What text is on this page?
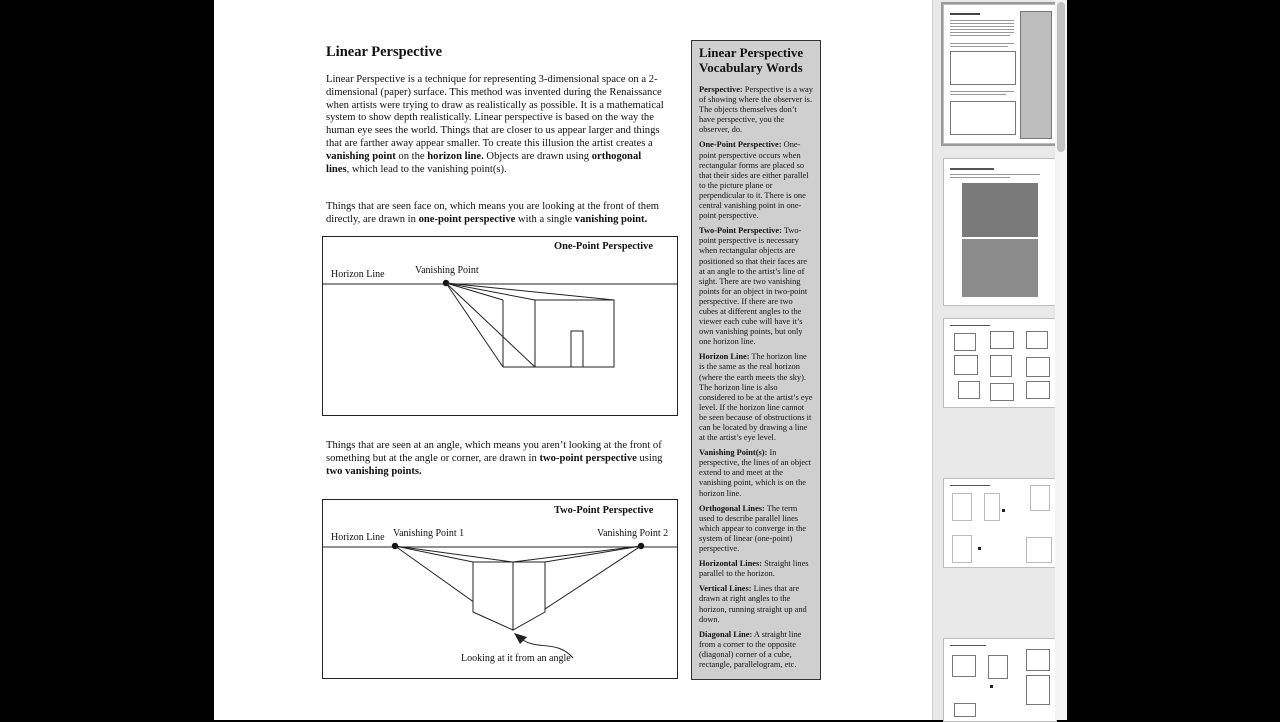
Linear Perspective
Linear Perspective is a technique for representing 3-dimensional space on a 2-
dimensional (paper) surface. This method was invented during the Renaissance
when artists were trying to draw as realistically as possible. It is a mathematical
system to show depth realistically. Linear perspective is based on the way the
human eye sees the world. Things that are closer to us appear larger and things
that are farther away appear smaller. To create this illusion the artist creates a
vanishing point on the horizon line. Objects are drawn using orthogonal
lines, which lead to the vanishing point(s).
Things that are seen face on, which means you are looking at the front of them
directly, are drawn in one-point perspective with a single vanishing point.
One-Point Perspective
Horizon Line	Vanishing Point
Things that are seen at an angle, which means you aren’t looking at the front of
something but at the angle or corner, are drawn in two-point perspective using
two vanishing points.
Two-Point Perspective
Horizon Line Vanishing Point 1	Vanishing Point 2
Looking at it from an angle
Linear Perspective
Vocabulary Words
Perspective: Perspective is a way of showing where the observer is. The objects themselves don’t have perspective, you the observer, do.
One-Point Perspective: One-point perspective occurs when rectangular forms are placed so that their sides are either parallel to the picture plane or perpendicular to it. There is one central vanishing point in one-point perspective.
Two-Point Perspective: Two-point perspective is necessary when rectangular objects are positioned so that their faces are at an angle to the artist’s line of sight. There are two vanishing points for an object in two-point perspective. If there are two cubes at different angles to the viewer each cube will have it’s own vanishing points, but only one horizon line.
Horizon Line: The horizon line is the same as the real horizon (where the earth meets the sky). The horizon line is also considered to be at the artist’s eye level. If the horizon line cannot be seen because of obstructions it can be located by drawing a line at the artist’s eye level.
Vanishing Point(s): In perspective, the lines of an object extend to and meet at the vanishing point, which is on the horizon line.
Orthogonal Lines: The term used to describe parallel lines which appear to converge in the system of linear (one-point) perspective.
Horizontal Lines: Straight lines parallel to the horizon.
Vertical Lines: Lines that are drawn at right angles to the horizon, running straight up and down.
Diagonal Line: A straight line from a corner to the opposite (diagonal) corner of a cube, rectangle, parallelogram, etc.
